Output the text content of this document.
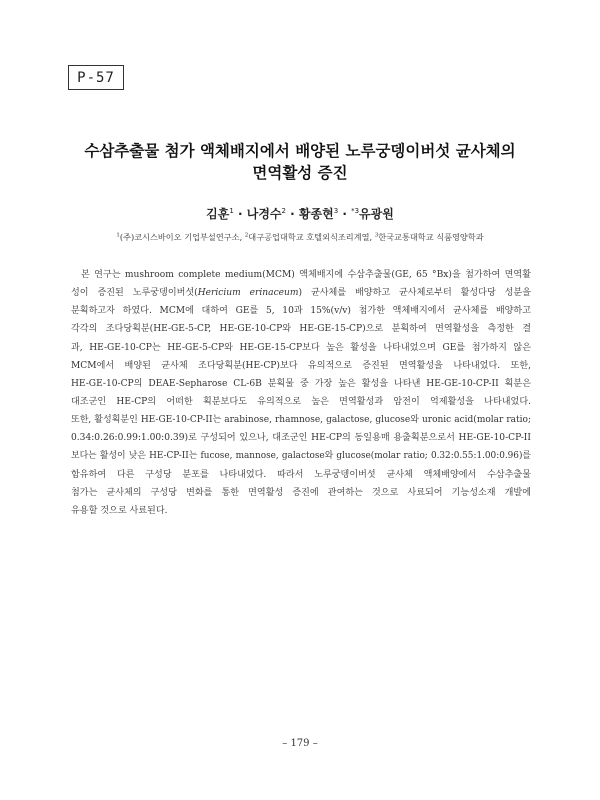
P-57
수삼추출물 첨가 액체배지에서 배양된 노루궁뎅이버섯 균사체의
면역활성 증진
김훈$^1$ · 나경수$^2$ · 황종현$^3$ · $^{*3}$유광원
$^1$(주)코시스바이오 기업부설연구소, $^2$대구공업대학교 호텔외식조리계열, $^3$한국교통대학교 식품영양학과
본 연구는 mushroom complete medium(MCM) 액체배지에 수삼추출물(GE, 65 °Bx)을 첨가하여 면역활
성이 증진된 노루궁뎅이버섯(Hericium erinaceum) 균사체를 배양하고 균사체로부터 활성다당 성분을
분획하고자 하였다. MCM에 대하여 GE를 5, 10과 15%(v/v) 첨가한 액체배지에서 균사체를 배양하고
각각의 조다당획분(HE-GE-5-CP, HE-GE-10-CP와 HE-GE-15-CP)으로 분획하여 면역활성을 측정한 결
과, HE-GE-10-CP는 HE-GE-5-CP와 HE-GE-15-CP보다 높은 활성을 나타내었으며 GE를 첨가하지 않은
MCM에서 배양된 균사체 조다당획분(HE-CP)보다 유의적으로 증진된 면역활성을 나타내었다. 또한,
HE-GE-10-CP의 DEAE-Sepharose CL-6B 분획물 중 가장 높은 활성을 나타낸 HE-GE-10-CP-II 획분은
대조군인 HE-CP의 어떠한 획분보다도 유의적으로 높은 면역활성과 암전이 억제활성을 나타내었다.
또한, 활성획분인 HE-GE-10-CP-II는 arabinose, rhamnose, galactose, glucose와 uronic acid(molar ratio;
0.34:0.26:0.99:1.00:0.39)로 구성되어 있으나, 대조군인 HE-CP의 동일용매 용출획분으로서 HE-GE-10-CP-II
보다는 활성이 낮은 HE-CP-II는 fucose, mannose, galactose와 glucose(molar ratio; 0.32:0.55:1.00:0.96)를
함유하여 다른 구성당 분포를 나타내었다. 따라서 노루궁뎅이버섯 균사체 액체배양에서 수삼추출물
첨가는 균사체의 구성당 변화를 통한 면역활성 증진에 관여하는 것으로 사료되어 기능성소재 개발에
유용할 것으로 사료된다.
– 179 –
